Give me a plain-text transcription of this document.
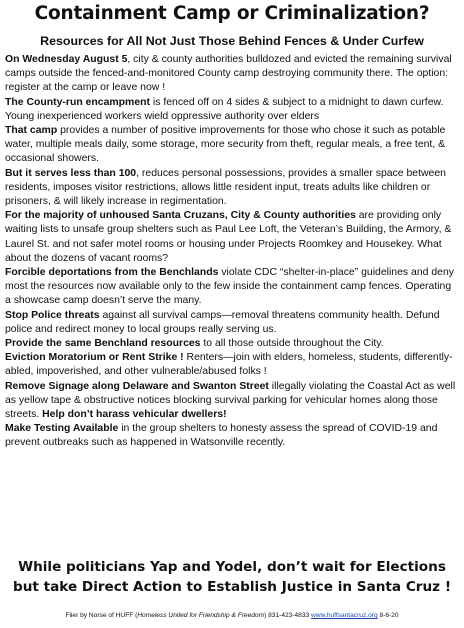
Containment Camp or Criminalization?
Resources for All Not Just Those Behind Fences & Under Curfew

On Wednesday August 5, city & county authorities bulldozed and evicted the remaining survival camps outside the fenced-and-monitored County camp destroying community there. The option: register at the camp or leave now !

The County-run encampment is fenced off on 4 sides & subject to a midnight to dawn curfew. Young inexperienced workers wield oppressive authority over elders

That camp provides a number of positive improvements for those who chose it such as potable water, multiple meals daily, some storage, more security from theft, regular meals, a free tent, & occasional showers.

But it serves less than 100, reduces personal possessions, provides a smaller space between residents, imposes visitor restrictions, allows little resident input, treats adults like children or prisoners, & will likely increase in regimentation.

For the majority of unhoused Santa Cruzans, City & County authorities are providing only waiting lists to unsafe group shelters such as Paul Lee Loft, the Veteran’s Building, the Armory, & Laurel St. and not safer motel rooms or housing under Projects Roomkey and Housekey. What about the dozens of vacant rooms?

Forcible deportations from the Benchlands violate CDC “shelter-in-place” guidelines and deny most the resources now available only to the few inside the containment camp fences. Operating a showcase camp doesn’t serve the many.

Stop Police threats against all survival camps—removal threatens community health. Defund police and redirect money to local groups really serving us.

Provide the same Benchland resources to all those outside throughout the City.

Eviction Moratorium or Rent Strike ! Renters—join with elders, homeless, students, differently-abled, impoverished, and other vulnerable/abused folks !

Remove Signage along Delaware and Swanton Street illegally violating the Coastal Act as well as yellow tape & obstructive notices blocking survival parking for vehicular homes along those streets. Help don’t harass vehicular dwellers!

Make Testing Available in the group shelters to honesty assess the spread of COVID-19 and prevent outbreaks such as happened in Watsonville recently.

While politicians Yap and Yodel, don’t wait for Elections
but take Direct Action to Establish Justice in Santa Cruz !
Flier by Norse of HUFF (Homeless United for Friendship & Freedom) 831-423-4833 www.huffsantacruz.org 8-6-20
